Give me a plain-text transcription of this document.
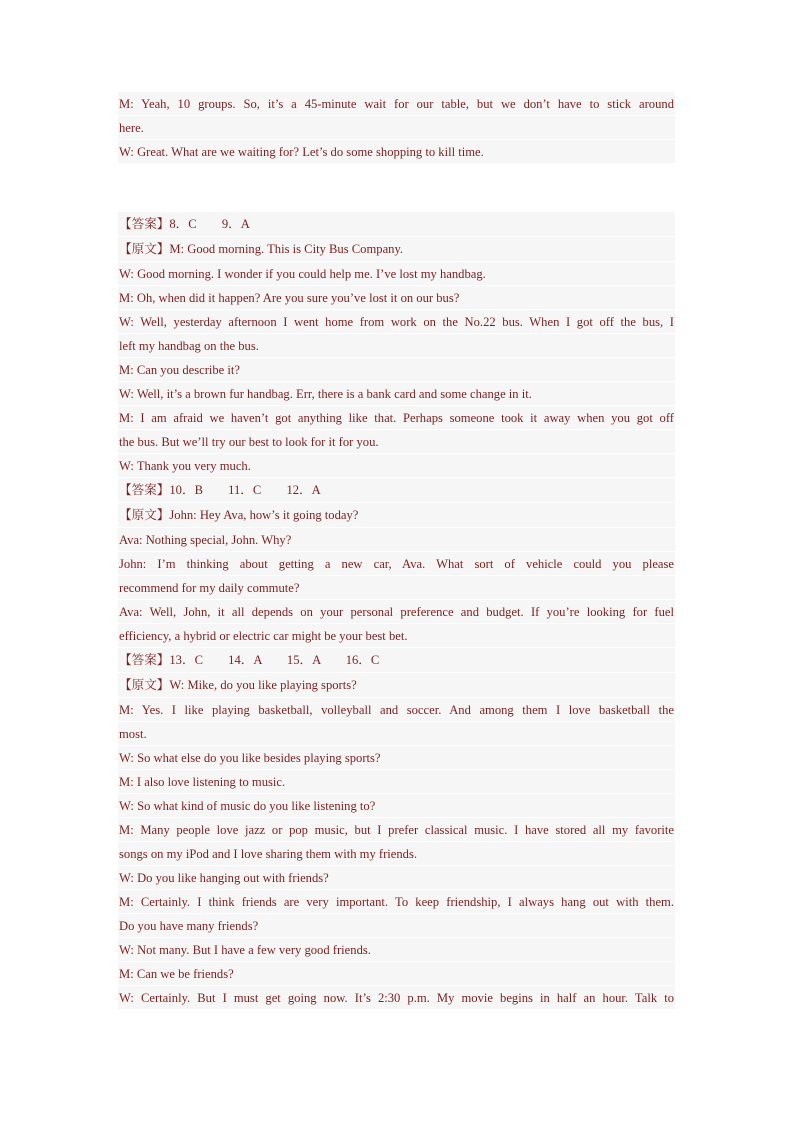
M: Yeah, 10 groups. So, it’s a 45-minute wait for our table, but we don’t have to stick around
here.
W: Great. What are we waiting for? Let’s do some shopping to kill time.
【答案】8．C　　9．A
【原文】M: Good morning. This is City Bus Company.
W: Good morning. I wonder if you could help me. I’ve lost my handbag.
M: Oh, when did it happen? Are you sure you’ve lost it on our bus?
W: Well, yesterday afternoon I went home from work on the No.22 bus. When I got off the bus, I
left my handbag on the bus.
M: Can you describe it?
W: Well, it’s a brown fur handbag. Err, there is a bank card and some change in it.
M: I am afraid we haven’t got anything like that. Perhaps someone took it away when you got off
the bus. But we’ll try our best to look for it for you.
W: Thank you very much.
【答案】10．B　　11．C　　12．A
【原文】John: Hey Ava, how’s it going today?
Ava: Nothing special, John. Why?
John: I’m thinking about getting a new car, Ava. What sort of vehicle could you please
recommend for my daily commute?
Ava: Well, John, it all depends on your personal preference and budget. If you’re looking for fuel
efficiency, a hybrid or electric car might be your best bet.
【答案】13．C　　14．A　　15．A　　16．C
【原文】W: Mike, do you like playing sports?
M: Yes. I like playing basketball, volleyball and soccer. And among them I love basketball the
most.
W: So what else do you like besides playing sports?
M: I also love listening to music.
W: So what kind of music do you like listening to?
M: Many people love jazz or pop music, but I prefer classical music. I have stored all my favorite
songs on my iPod and I love sharing them with my friends.
W: Do you like hanging out with friends?
M: Certainly. I think friends are very important. To keep friendship, I always hang out with them.
Do you have many friends?
W: Not many. But I have a few very good friends.
M: Can we be friends?
W: Certainly. But I must get going now. It’s 2:30 p.m. My movie begins in half an hour. Talk to
